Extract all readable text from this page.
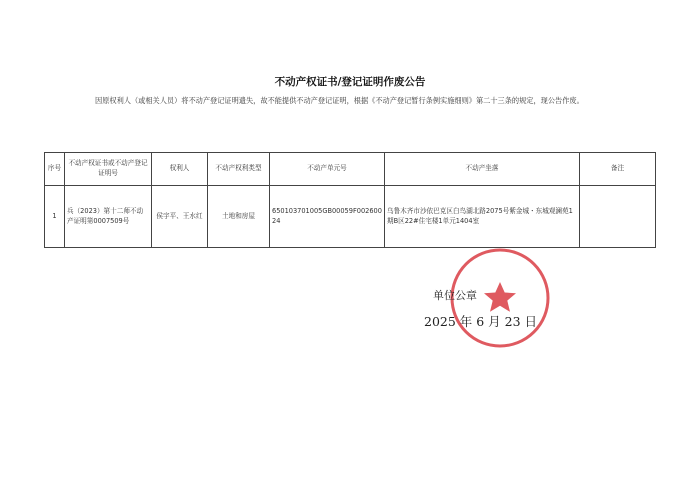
不动产权证书/登记证明作废公告
因原权利人（或相关人员）将不动产登记证明遗失，故不能提供不动产登记证明，根据《不动产登记暂行条例实施细则》第二十三条的规定，现公告作废。
序号	不动产权证书或不动产登记证明号	权利人	不动产权利类型	不动产单元号	不动产坐落	备注
1	兵（2023）第十二师不动产证明第0007509号	侯宇平、王水红	土地和房屋	650103701005GB00059F00260024	乌鲁木齐市沙依巴克区白鸟湖北路2075号紫金城・东城观澜苑1期B区22#住宅楼1单元1404室	
单位公章
2025 年 6 月 23 日
